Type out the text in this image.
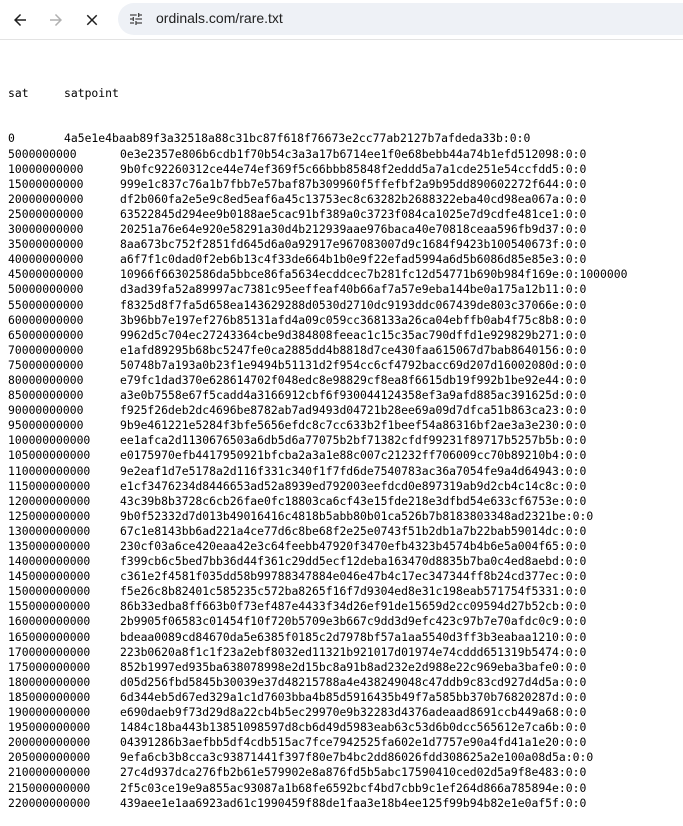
ordinals.com/rare.txt

sat	satpoint

0	4a5e1e4baab89f3a32518a88c31bc87f618f76673e2cc77ab2127b7afdeda33b:0:0
5000000000	0e3e2357e806b6cdb1f70b54c3a3a17b6714ee1f0e68bebb44a74b1efd512098:0:0
10000000000	9b0fc92260312ce44e74ef369f5c66bbb85848f2eddd5a7a1cde251e54ccfdd5:0:0
15000000000	999e1c837c76a1b7fbb7e57baf87b309960f5ffefbf2a9b95dd890602272f644:0:0
20000000000	df2b060fa2e5e9c8ed5eaf6a45c13753ec8c63282b2688322eba40cd98ea067a:0:0
25000000000	63522845d294ee9b0188ae5cac91bf389a0c3723f084ca1025e7d9cdfe481ce1:0:0
30000000000	20251a76e64e920e58291a30d4b212939aae976baca40e70818ceaa596fb9d37:0:0
35000000000	8aa673bc752f2851fd645d6a0a92917e967083007d9c1684f9423b100540673f:0:0
40000000000	a6f7f1c0dad0f2eb6b13c4f33de664b1b0e9f22efad5994a6d5b6086d85e85e3:0:0
45000000000	10966f66302586da5bbce86fa5634ecddcec7b281fc12d54771b690b984f169e:0:1000000
50000000000	d3ad39fa52a89997ac7381c95eeffeaf40b66af7a57e9eba144be0a175a12b11:0:0
55000000000	f8325d8f7fa5d658ea143629288d0530d2710dc9193ddc067439de803c37066e:0:0
60000000000	3b96bb7e197ef276b85131afd4a09c059cc368133a26ca04ebffb0ab4f75c8b8:0:0
65000000000	9962d5c704ec27243364cbe9d384808feeac1c15c35ac790dffd1e929829b271:0:0
70000000000	e1afd89295b68bc5247fe0ca2885dd4b8818d7ce430faa615067d7bab8640156:0:0
75000000000	50748b7a193a0b23f1e9494b51131d2f954cc6cf4792bacc69d207d16002080d:0:0
80000000000	e79fc1dad370e628614702f048edc8e98829cf8ea8f6615db19f992b1be92e44:0:0
85000000000	a3e0b7558e67f5cadd4a3166912cbf6f930044124358ef3a9afd885ac391625d:0:0
90000000000	f925f26deb2dc4696be8782ab7ad9493d04721b28ee69a09d7dfca51b863ca23:0:0
95000000000	9b9e461221e5284f3bfe5656efdc8c7cc633b2f1beef54a86316bf2ae3a3e230:0:0
100000000000	ee1afca2d1130676503a6db5d6a77075b2bf71382cfdf99231f89717b5257b5b:0:0
105000000000	e0175970efb4417950921bfcba2a3a1e88c007c21232ff706009cc70b89210b4:0:0
110000000000	9e2eaf1d7e5178a2d116f331c340f1f7fd6de7540783ac36a7054fe9a4d64943:0:0
115000000000	e1cf3476234d8446653ad52a8939ed792003eefdcd0e897319ab9d2cb4c14c8c:0:0
120000000000	43c39b8b3728c6cb26fae0fc18803ca6cf43e15fde218e3dfbd54e633cf6753e:0:0
125000000000	9b0f52332d7d013b49016416c4818b5abb80b01ca526b7b8183803348ad2321be:0:0
130000000000	67c1e8143bb6ad221a4ce77d6c8be68f2e25e0743f51b2db1a7b22bab59014dc:0:0
135000000000	230cf03a6ce420eaa42e3c64feebb47920f3470efb4323b4574b4b6e5a004f65:0:0
140000000000	f399cb6c5bed7bb36d44f361c29dd5ecf12deba163470d8835b7ba0c4ed8aebd:0:0
145000000000	c361e2f4581f035dd58b99788347884e046e47b4c17ec347344ff8b24cd377ec:0:0
150000000000	f5e26c8b82401c585235c572ba8265f16f7d9304ed8e31c198eab571754f5331:0:0
155000000000	86b33edba8ff663b0f73ef487e4433f34d26ef91de15659d2cc09594d27b52cb:0:0
160000000000	2b9905f06583c01454f10f720b5709e3b667c9dd3d9efc423c97b7e70afdc0c9:0:0
165000000000	bdeaa0089cd84670da5e6385f0185c2d7978bf57a1aa5540d3ff3b3eabaa1210:0:0
170000000000	223b0620a8f1c1f23a2ebf8032ed11321b921017d01974e74cddd651319b5474:0:0
175000000000	852b1997ed935ba638078998e2d15bc8a91b8ad232e2d988e22c969eba3bafe0:0:0
180000000000	d05d256fbd5845b30039e37d48215788a4e438249048c47ddb9c83cd927d4d5a:0:0
185000000000	6d344eb5d67ed329a1c1d7603bba4b85d5916435b49f7a585bb370b76820287d:0:0
190000000000	e690daeb9f73d29d8a22cb4b5ec29970e9b32283d4376adeaad8691ccb449a68:0:0
195000000000	1484c18ba443b13851098597d8cb6d49d5983eab63c53d6b0dcc565612e7ca6b:0:0
200000000000	04391286b3aefbb5df4cdb515ac7fce7942525fa602e1d7757e90a4fd41a1e20:0:0
205000000000	9efa6cb3b8cca3c93871441f397f80e7b4bc2dd86026fdd308625a2e100a08d5a:0:0
210000000000	27c4d937dca276fb2b61e579902e8a876fd5b5abc17590410ced02d5a9f8e483:0:0
215000000000	2f5c03ce19e9a855ac93087a1b68fe6592bcf4bd7cbb9c1ef264d866a785894e:0:0
220000000000	439aee1e1aa6923ad61c1990459f88de1faa3e18b4ee125f99b94b82e1e0af5f:0:0
